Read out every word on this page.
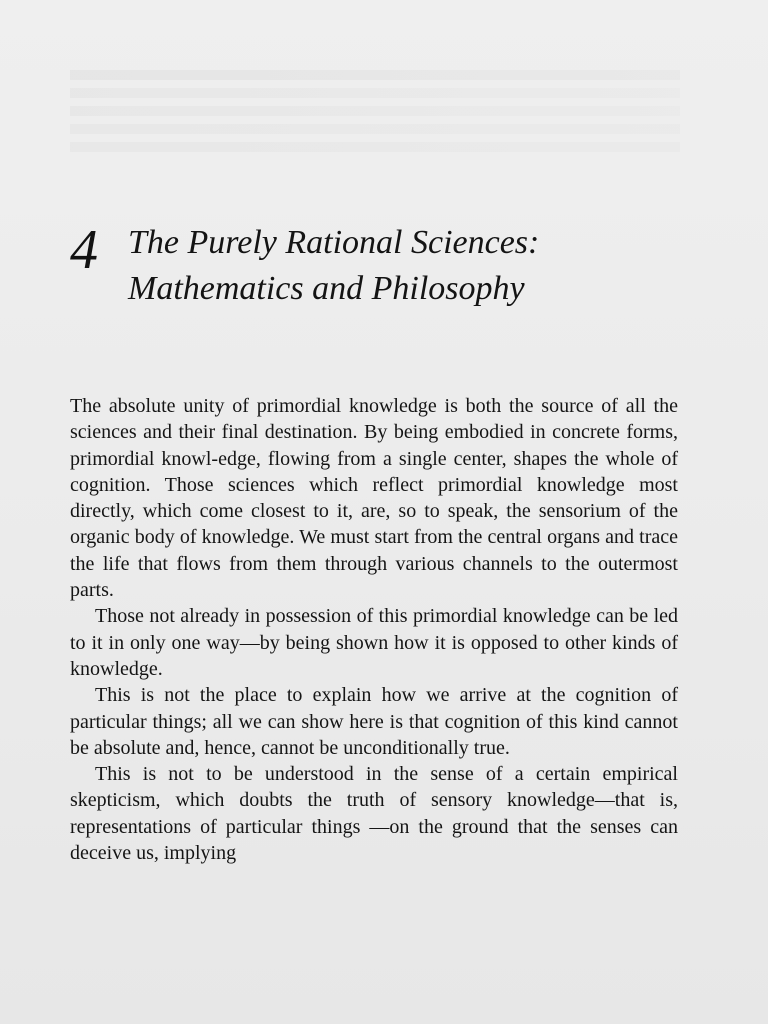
4 The Purely Rational Sciences:
Mathematics and Philosophy

The absolute unity of primordial knowledge is both the source of all the sciences and their final destination. By being embodied in concrete forms, primordial knowl-edge, flowing from a single center, shapes the whole of cognition. Those sciences which reflect primordial knowledge most directly, which come closest to it, are, so to speak, the sensorium of the organic body of knowledge. We must start from the central organs and trace the life that flows from them through various channels to the outermost parts.

Those not already in possession of this primordial knowledge can be led to it in only one way—by being shown how it is opposed to other kinds of knowledge.

This is not the place to explain how we arrive at the cognition of particular things; all we can show here is that cognition of this kind cannot be absolute and, hence, cannot be unconditionally true.

This is not to be understood in the sense of a certain empirical skepticism, which doubts the truth of sensory knowledge—that is, representations of particular things —on the ground that the senses can deceive us, implying
